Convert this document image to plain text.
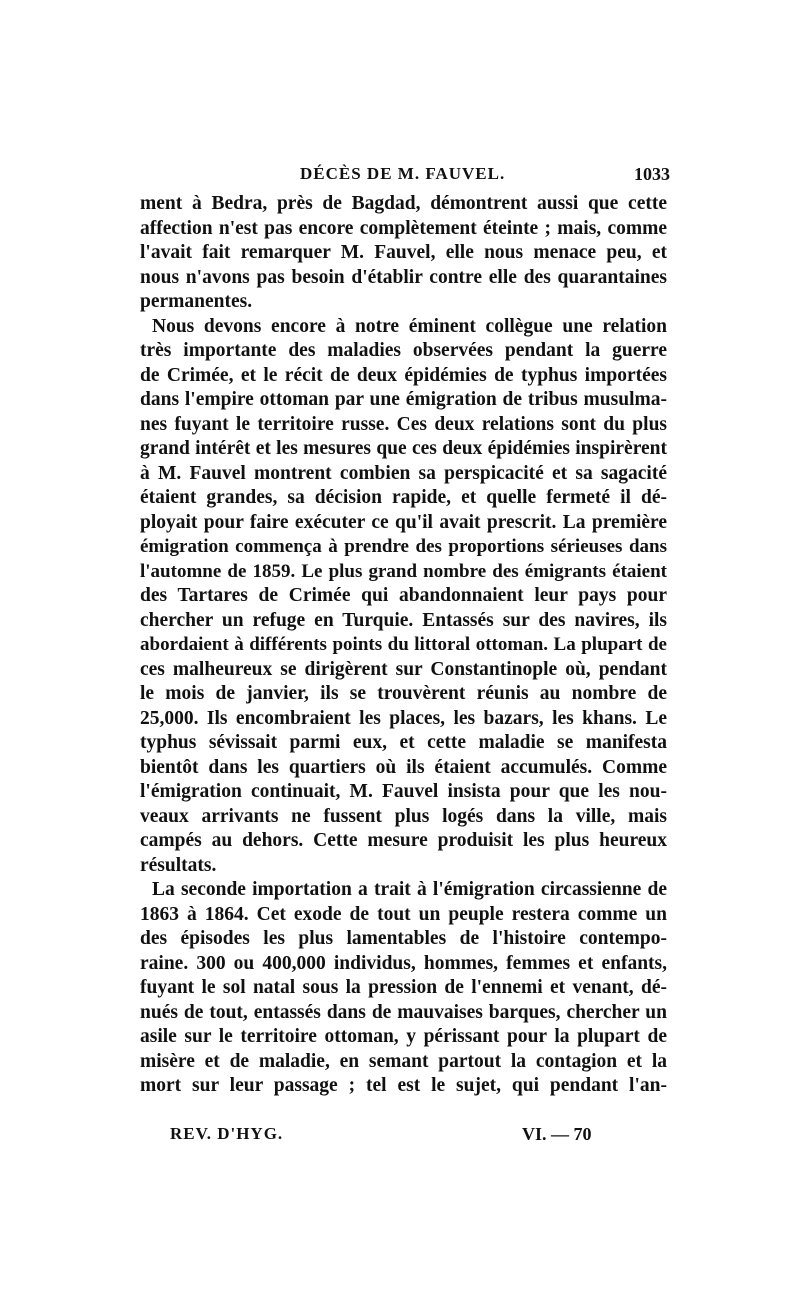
DÉCÈS DE M. FAUVEL.	1033
ment à Bedra, près de Bagdad, démontrent aussi que cette
affection n'est pas encore complètement éteinte ; mais, comme
l'avait fait remarquer M. Fauvel, elle nous menace peu, et
nous n'avons pas besoin d'établir contre elle des quarantaines
permanentes.
Nous devons encore à notre éminent collègue une relation
très importante des maladies observées pendant la guerre
de Crimée, et le récit de deux épidémies de typhus importées
dans l'empire ottoman par une émigration de tribus musulma-
nes fuyant le territoire russe. Ces deux relations sont du plus
grand intérêt et les mesures que ces deux épidémies inspirèrent
à M. Fauvel montrent combien sa perspicacité et sa sagacité
étaient grandes, sa décision rapide, et quelle fermeté il dé-
ployait pour faire exécuter ce qu'il avait prescrit. La première
émigration commença à prendre des proportions sérieuses dans
l'automne de 1859. Le plus grand nombre des émigrants étaient
des Tartares de Crimée qui abandonnaient leur pays pour
chercher un refuge en Turquie. Entassés sur des navires, ils
abordaient à différents points du littoral ottoman. La plupart de
ces malheureux se dirigèrent sur Constantinople où, pendant
le mois de janvier, ils se trouvèrent réunis au nombre de
25,000. Ils encombraient les places, les bazars, les khans. Le
typhus sévissait parmi eux, et cette maladie se manifesta
bientôt dans les quartiers où ils étaient accumulés. Comme
l'émigration continuait, M. Fauvel insista pour que les nou-
veaux arrivants ne fussent plus logés dans la ville, mais
campés au dehors. Cette mesure produisit les plus heureux
résultats.
La seconde importation a trait à l'émigration circassienne de
1863 à 1864. Cet exode de tout un peuple restera comme un
des épisodes les plus lamentables de l'histoire contempo-
raine. 300 ou 400,000 individus, hommes, femmes et enfants,
fuyant le sol natal sous la pression de l'ennemi et venant, dé-
nués de tout, entassés dans de mauvaises barques, chercher un
asile sur le territoire ottoman, y périssant pour la plupart de
misère et de maladie, en semant partout la contagion et la
mort sur leur passage ; tel est le sujet, qui pendant l'an-
REV. D'HYG.	VI. — 70
